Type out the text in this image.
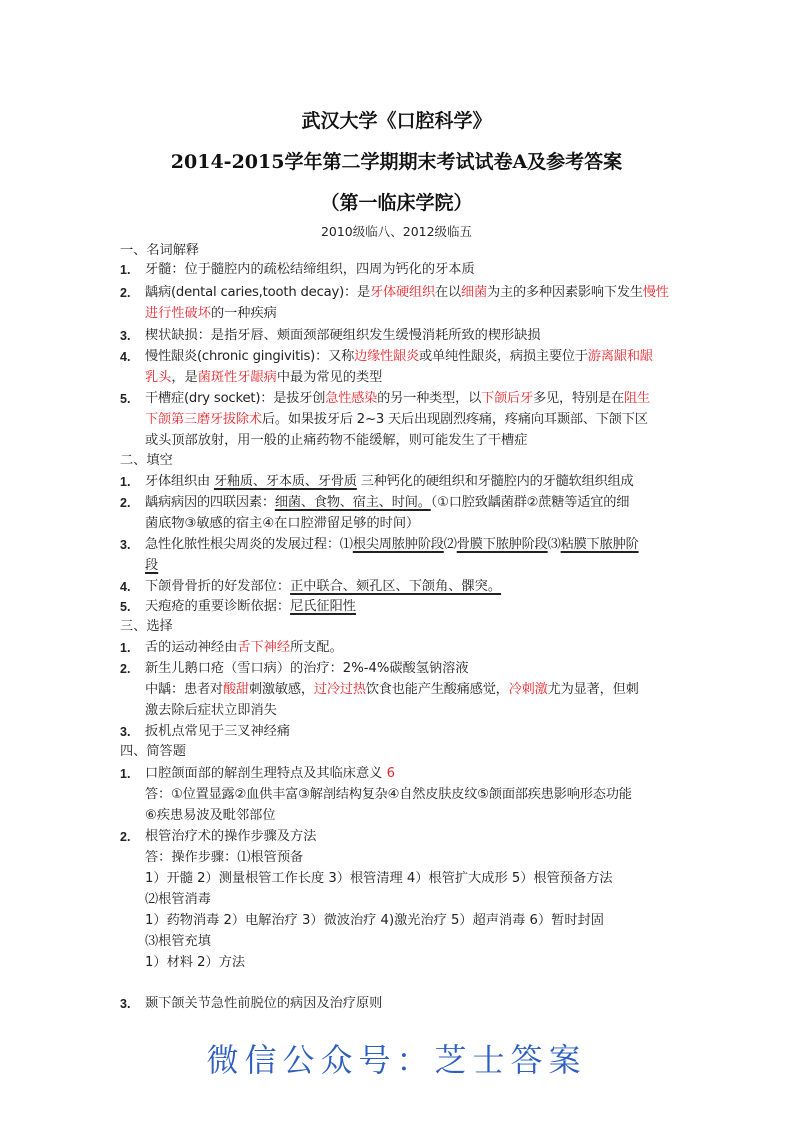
武汉大学《口腔科学》
2014-2015学年第二学期期末考试试卷A及参考答案
（第一临床学院）
2010级临八、2012级临五
一、名词解释
1. 牙髓：位于髓腔内的疏松结缔组织，四周为钙化的牙本质
2. 龋病(dental caries,tooth decay)：是牙体硬组织在以细菌为主的多种因素影响下发生慢性
进行性破坏的一种疾病
3. 楔状缺损：是指牙唇、颊面颈部硬组织发生缓慢消耗所致的楔形缺损
4. 慢性龈炎(chronic gingivitis)：又称边缘性龈炎或单纯性龈炎，病损主要位于游离龈和龈
乳头，是菌斑性牙龈病中最为常见的类型
5. 干槽症(dry socket)：是拔牙创急性感染的另一种类型，以下颌后牙多见，特别是在阻生
下颌第三磨牙拔除术后。如果拔牙后 2~3 天后出现剧烈疼痛，疼痛向耳颞部、下颌下区
或头顶部放射，用一般的止痛药物不能缓解，则可能发生了干槽症
二、填空
1. 牙体组织由 牙釉质、牙本质、牙骨质 三种钙化的硬组织和牙髓腔内的牙髓软组织组成
2. 龋病病因的四联因素：细菌、食物、宿主、时间。（①口腔致龋菌群②蔗糖等适宜的细
菌底物③敏感的宿主④在口腔滞留足够的时间）
3. 急性化脓性根尖周炎的发展过程：⑴根尖周脓肿阶段⑵骨膜下脓肿阶段⑶粘膜下脓肿阶
段
4. 下颌骨骨折的好发部位：正中联合、颏孔区、下颌角、髁突。
5. 天疱疮的重要诊断依据：尼氏征阳性
三、选择
1. 舌的运动神经由舌下神经所支配。
2. 新生儿鹅口疮（雪口病）的治疗：2%-4%碳酸氢钠溶液
中龋：患者对酸甜刺激敏感，过冷过热饮食也能产生酸痛感觉，冷刺激尤为显著，但刺
激去除后症状立即消失
3. 扳机点常见于三叉神经痛
四、简答题
1. 口腔颌面部的解剖生理特点及其临床意义 6
答：①位置显露②血供丰富③解剖结构复杂④自然皮肤皮纹⑤颌面部疾患影响形态功能
⑥疾患易波及毗邻部位
2. 根管治疗术的操作步骤及方法
答：操作步骤：⑴根管预备
1）开髓 2）测量根管工作长度 3）根管清理 4）根管扩大成形 5）根管预备方法
⑵根管消毒
1）药物消毒 2）电解治疗 3）微波治疗 4)激光治疗 5）超声消毒 6）暂时封固
⑶根管充填
1）材料 2）方法
3. 颞下颌关节急性前脱位的病因及治疗原则
微信公众号：芝士答案
